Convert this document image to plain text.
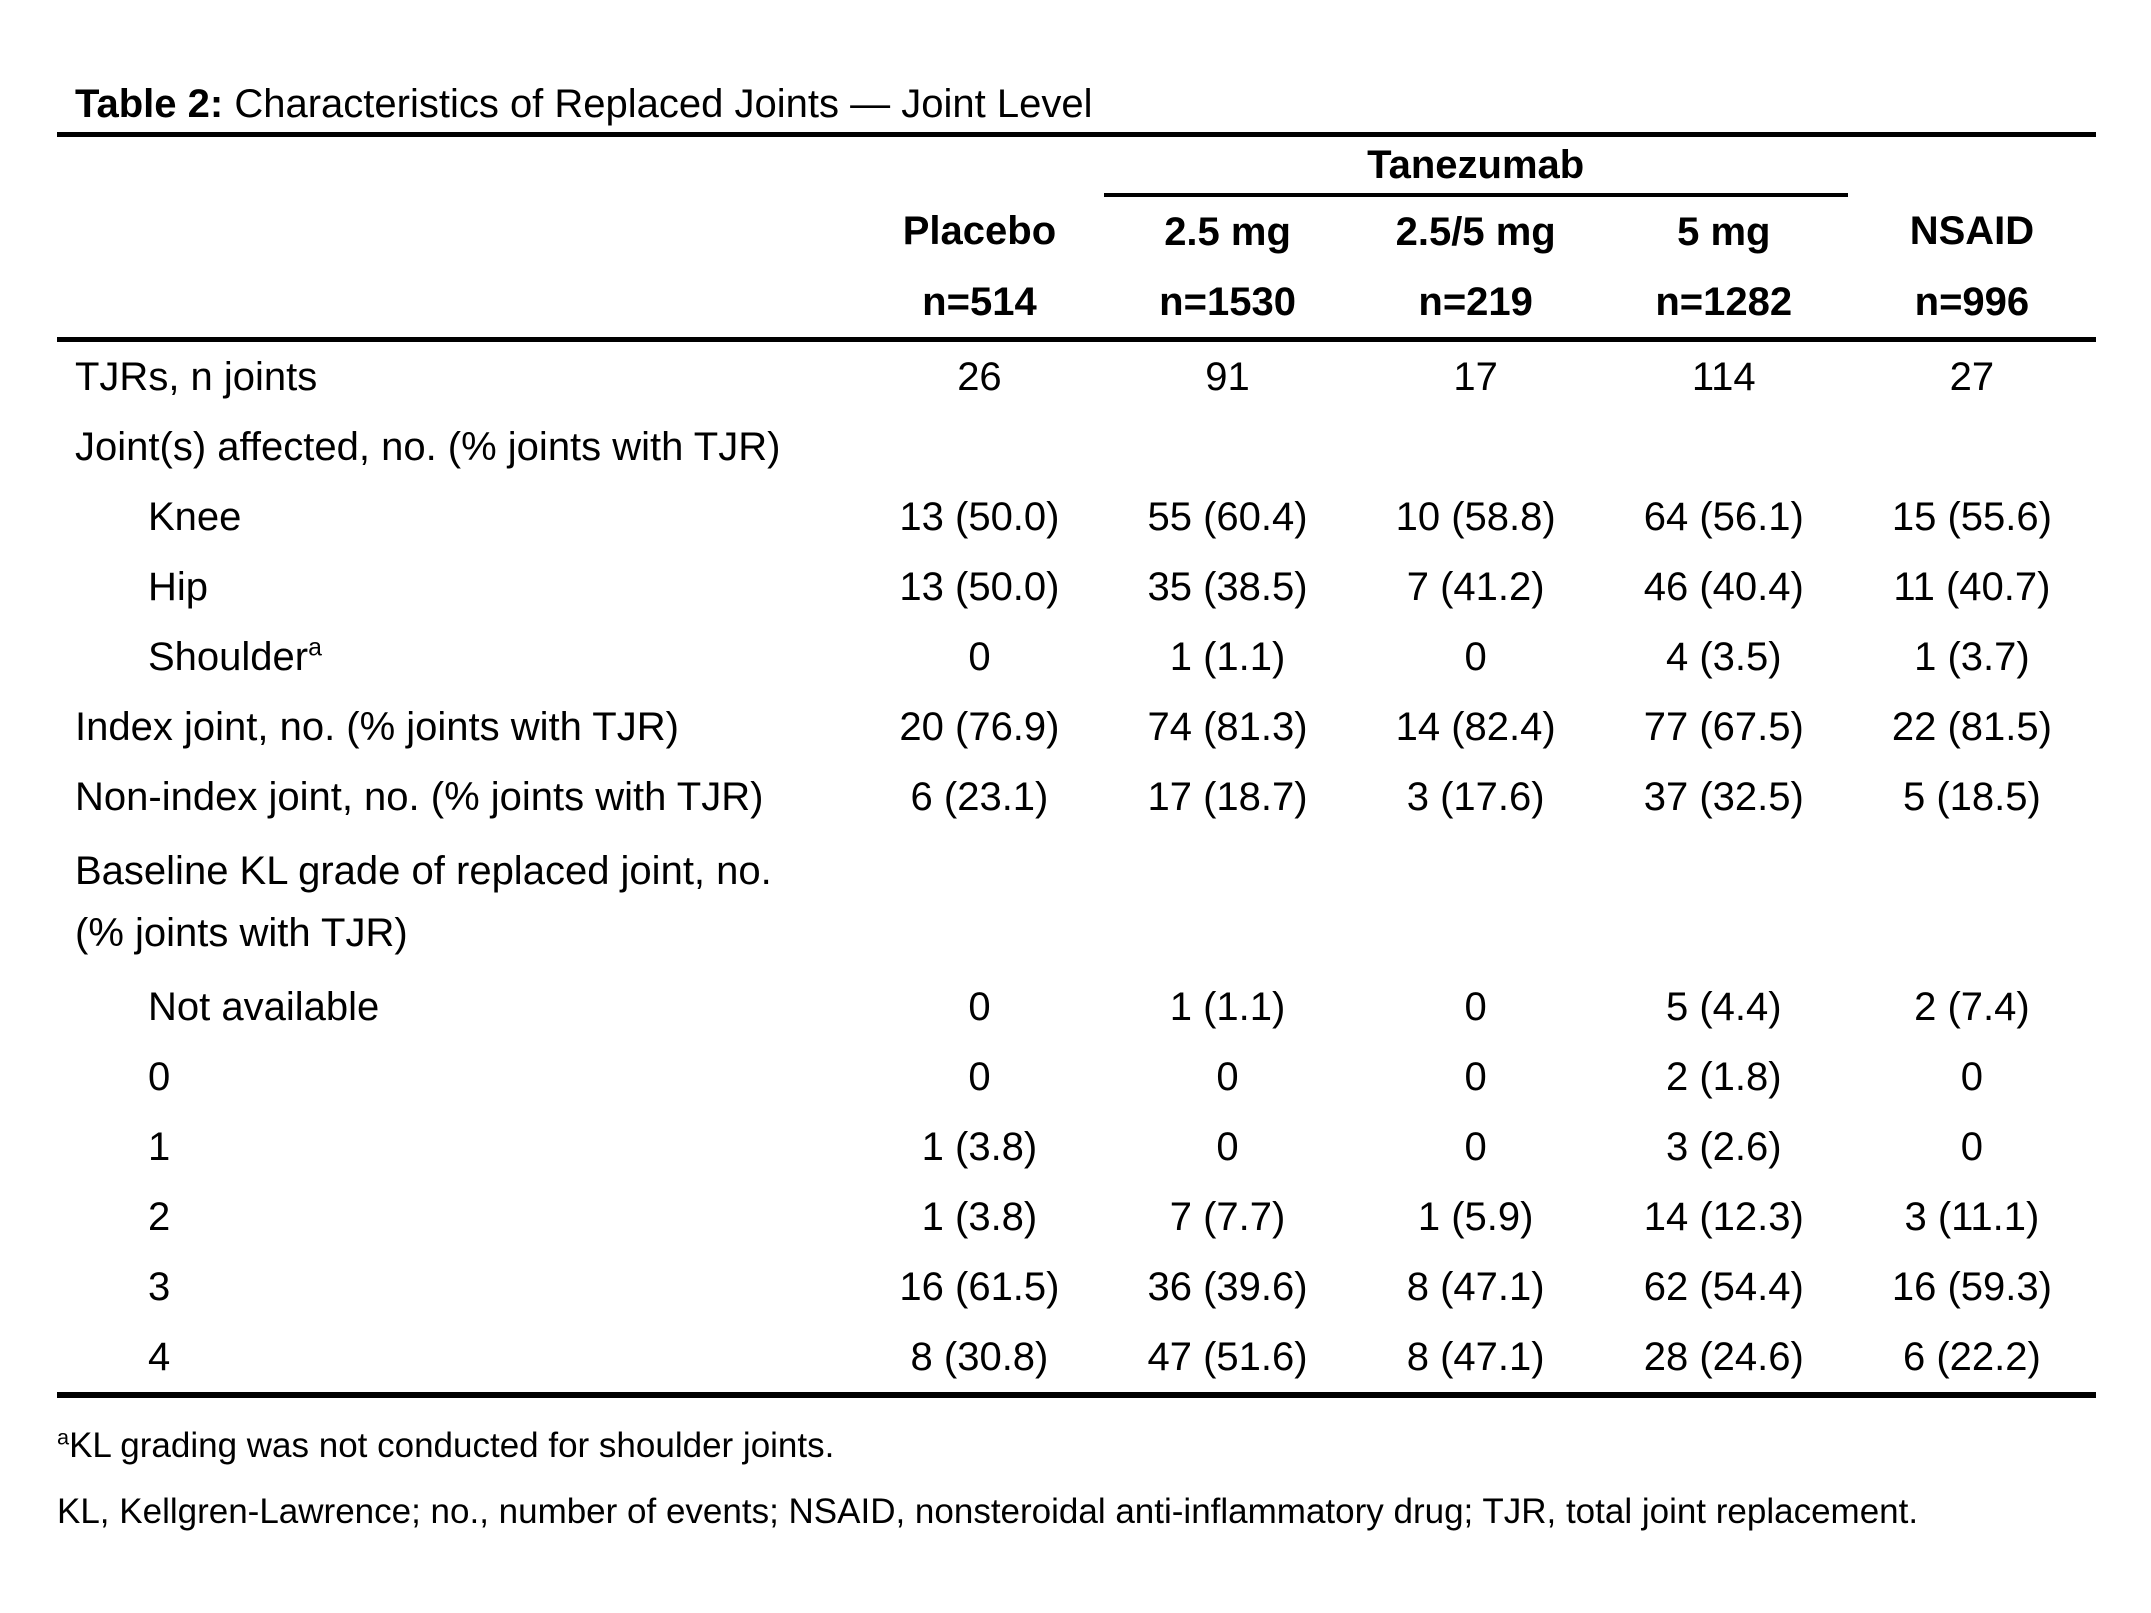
Table 2: Characteristics of Replaced Joints — Joint Level
		Tanezumab			
	Placebo	2.5 mg	2.5/5 mg	5 mg	NSAID
	n=514	n=1530	n=219	n=1282	n=996
TJRs, n joints	26	91	17	114	27
Joint(s) affected, no. (% joints with TJR)					
Knee	13 (50.0)	55 (60.4)	10 (58.8)	64 (56.1)	15 (55.6)
Hip	13 (50.0)	35 (38.5)	7 (41.2)	46 (40.4)	11 (40.7)
Shoulder$^a$	0	1 (1.1)	0	4 (3.5)	1 (3.7)
Index joint, no. (% joints with TJR)	20 (76.9)	74 (81.3)	14 (82.4)	77 (67.5)	22 (81.5)
Non-index joint, no. (% joints with TJR)	6 (23.1)	17 (18.7)	3 (17.6)	37 (32.5)	5 (18.5)
Baseline KL grade of replaced joint, no.
(% joints with TJR)					
Not available	0	1 (1.1)	0	5 (4.4)	2 (7.4)
0	0	0	0	2 (1.8)	0
1	1 (3.8)	0	0	3 (2.6)	0
2	1 (3.8)	7 (7.7)	1 (5.9)	14 (12.3)	3 (11.1)
3	16 (61.5)	36 (39.6)	8 (47.1)	62 (54.4)	16 (59.3)
4	8 (30.8)	47 (51.6)	8 (47.1)	28 (24.6)	6 (22.2)
$^a$KL grading was not conducted for shoulder joints.
KL, Kellgren-Lawrence; no., number of events; NSAID, nonsteroidal anti-inflammatory drug; TJR, total joint replacement.
